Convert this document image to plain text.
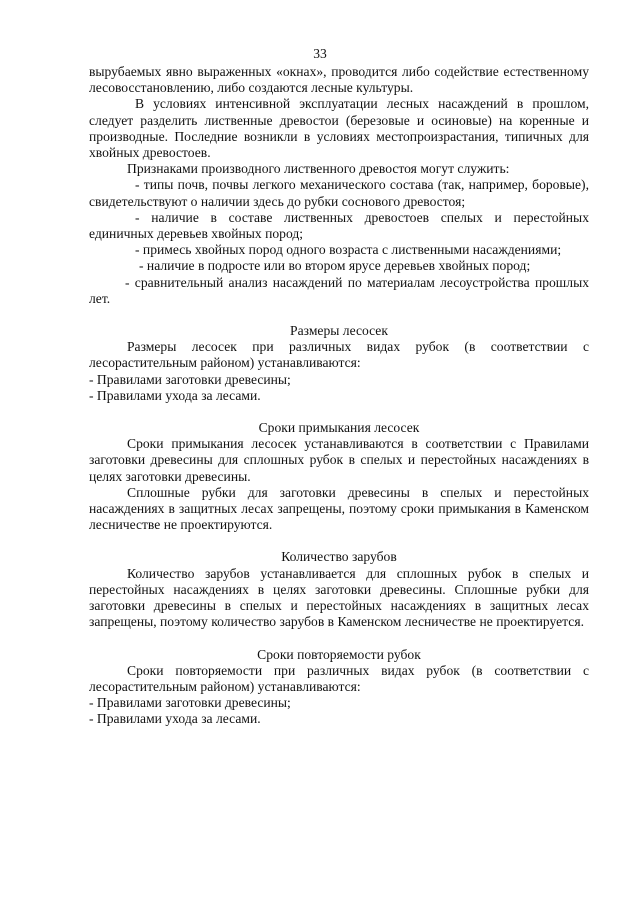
33

вырубаемых явно выраженных «окнах», проводится либо содействие естественному лесовосстановлению, либо создаются лесные культуры.

В условиях интенсивной эксплуатации лесных насаждений в прошлом, следует разделить лиственные древостои (березовые и осиновые) на коренные и производные. Последние возникли в условиях местопроизрастания, типичных для хвойных древостоев.

Признаками производного лиственного древостоя могут служить:

- типы почв, почвы легкого механического состава (так, например, боровые), свидетельствуют о наличии здесь до рубки соснового древостоя;

- наличие в составе лиственных древостоев спелых и перестойных единичных деревьев хвойных пород;

- примесь хвойных пород одного возраста с лиственными насаждениями;

- наличие в подросте или во втором ярусе деревьев хвойных пород;

- сравнительный анализ насаждений по материалам лесоустройства прошлых лет.

Размеры лесосек

Размеры лесосек при различных видах рубок (в соответствии с лесорастительным районом) устанавливаются:

- Правилами заготовки древесины;

- Правилами ухода за лесами.

Сроки примыкания лесосек

Сроки примыкания лесосек устанавливаются в соответствии с Правилами заготовки древесины для сплошных рубок в спелых и перестойных насаждениях в целях заготовки древесины.

Сплошные рубки для заготовки древесины в спелых и перестойных насаждениях в защитных лесах запрещены, поэтому сроки примыкания в Каменском лесничестве не проектируются.

Количество зарубов

Количество зарубов устанавливается для сплошных рубок в спелых и перестойных насаждениях в целях заготовки древесины. Сплошные рубки для заготовки древесины в спелых и перестойных насаждениях в защитных лесах запрещены, поэтому количество зарубов в Каменском лесничестве не проектируется.

Сроки повторяемости рубок

Сроки повторяемости при различных видах рубок (в соответствии с лесорастительным районом) устанавливаются:

- Правилами заготовки древесины;

- Правилами ухода за лесами.
